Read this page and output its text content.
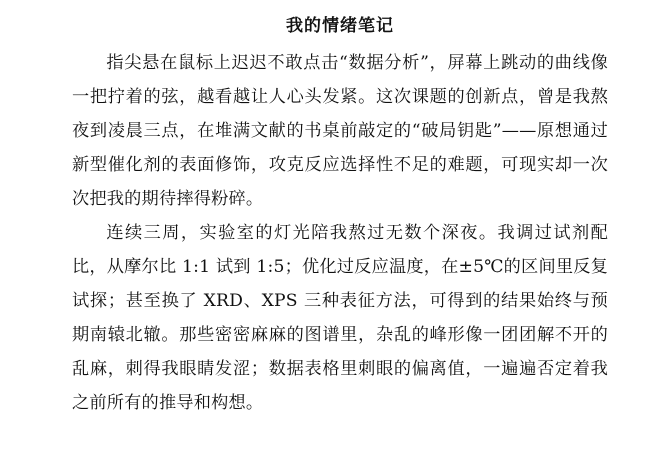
我的情绪笔记

指尖悬在鼠标上迟迟不敢点击“数据分析”，屏幕上跳动的曲线像一把拧着的弦，越看越让人心头发紧。这次课题的创新点，曾是我熬夜到凌晨三点，在堆满文献的书桌前敲定的“破局钥匙”——原想通过新型催化剂的表面修饰，攻克反应选择性不足的难题，可现实却一次次把我的期待摔得粉碎。

连续三周，实验室的灯光陪我熬过无数个深夜。我调过试剂配比，从摩尔比 1:1 试到 1:5；优化过反应温度，在±5℃的区间里反复试探；甚至换了 XRD、XPS 三种表征方法，可得到的结果始终与预期南辕北辙。那些密密麻麻的图谱里，杂乱的峰形像一团团解不开的乱麻，刺得我眼睛发涩；数据表格里刺眼的偏离值，一遍遍否定着我之前所有的推导和构想。
